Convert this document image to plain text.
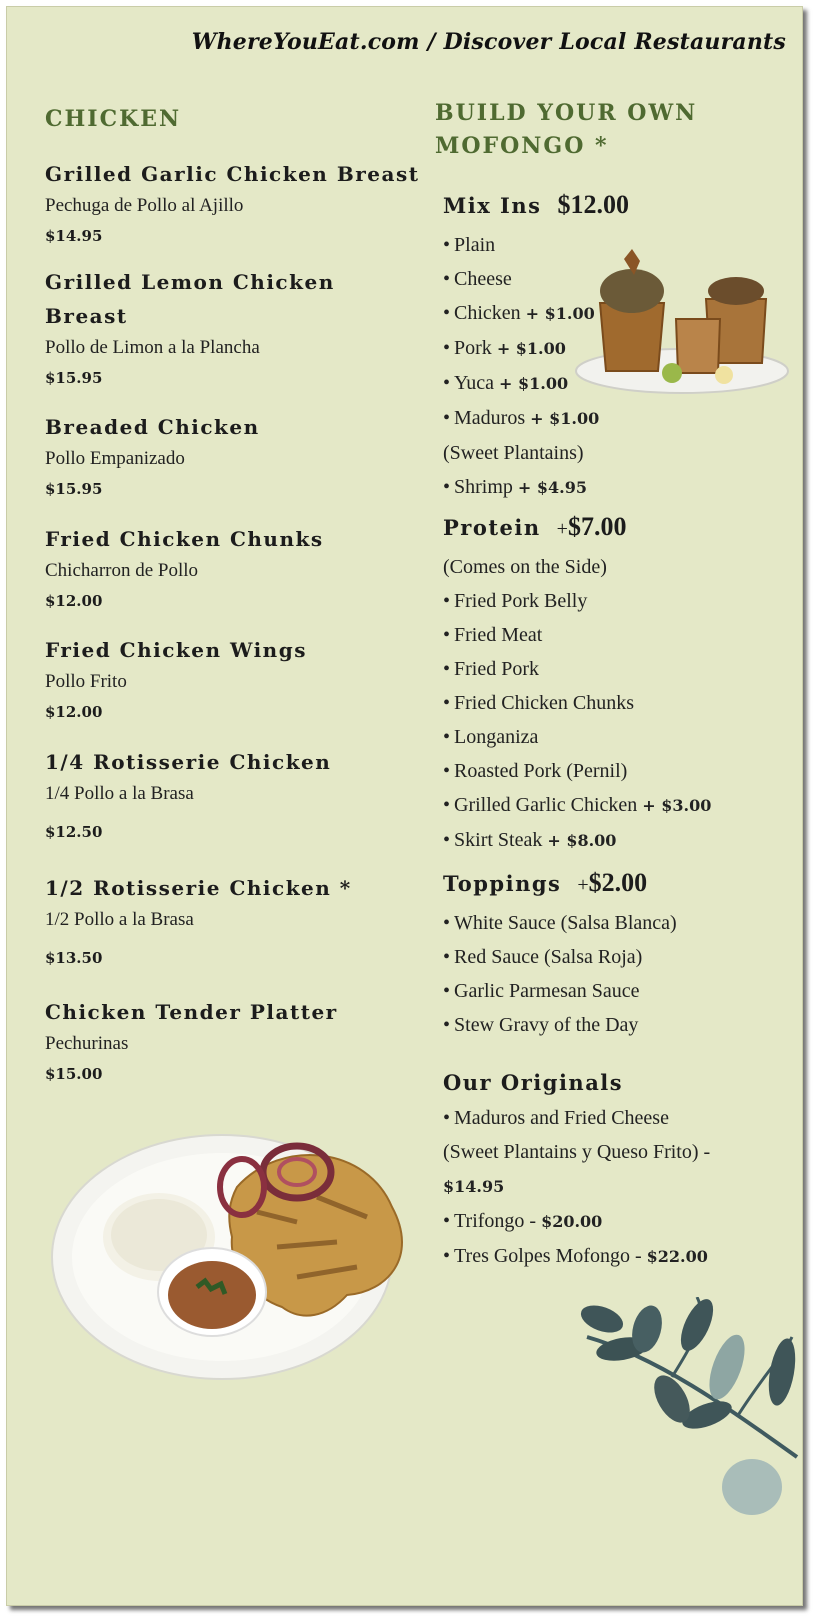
WhereYouEat.com / Discover Local Restaurants
CHICKEN
Grilled Garlic Chicken Breast
Pechuga de Pollo al Ajillo
$14.95
Grilled Lemon Chicken
Breast
Pollo de Limon a la Plancha
$15.95
Breaded Chicken
Pollo Empanizado
$15.95
Fried Chicken Chunks
Chicharron de Pollo
$12.00
Fried Chicken Wings
Pollo Frito
$12.00
1/4 Rotisserie Chicken
1/4 Pollo a la Brasa
$12.50
1/2 Rotisserie Chicken *
1/2 Pollo a la Brasa
$13.50
Chicken Tender Platter
Pechurinas
$15.00
BUILD YOUR OWN
MOFONGO *
Mix Ins $12.00
• Plain
• Cheese
• Chicken + $1.00
• Pork + $1.00
• Yuca + $1.00
• Maduros + $1.00
(Sweet Plantains)
• Shrimp + $4.95
Protein +$7.00
(Comes on the Side)
• Fried Pork Belly
• Fried Meat
• Fried Pork
• Fried Chicken Chunks
• Longaniza
• Roasted Pork (Pernil)
• Grilled Garlic Chicken + $3.00
• Skirt Steak + $8.00
Toppings +$2.00
• White Sauce (Salsa Blanca)
• Red Sauce (Salsa Roja)
• Garlic Parmesan Sauce
• Stew Gravy of the Day
Our Originals
• Maduros and Fried Cheese
(Sweet Plantains y Queso Frito) -
$14.95
• Trifongo - $20.00
• Tres Golpes Mofongo - $22.00
